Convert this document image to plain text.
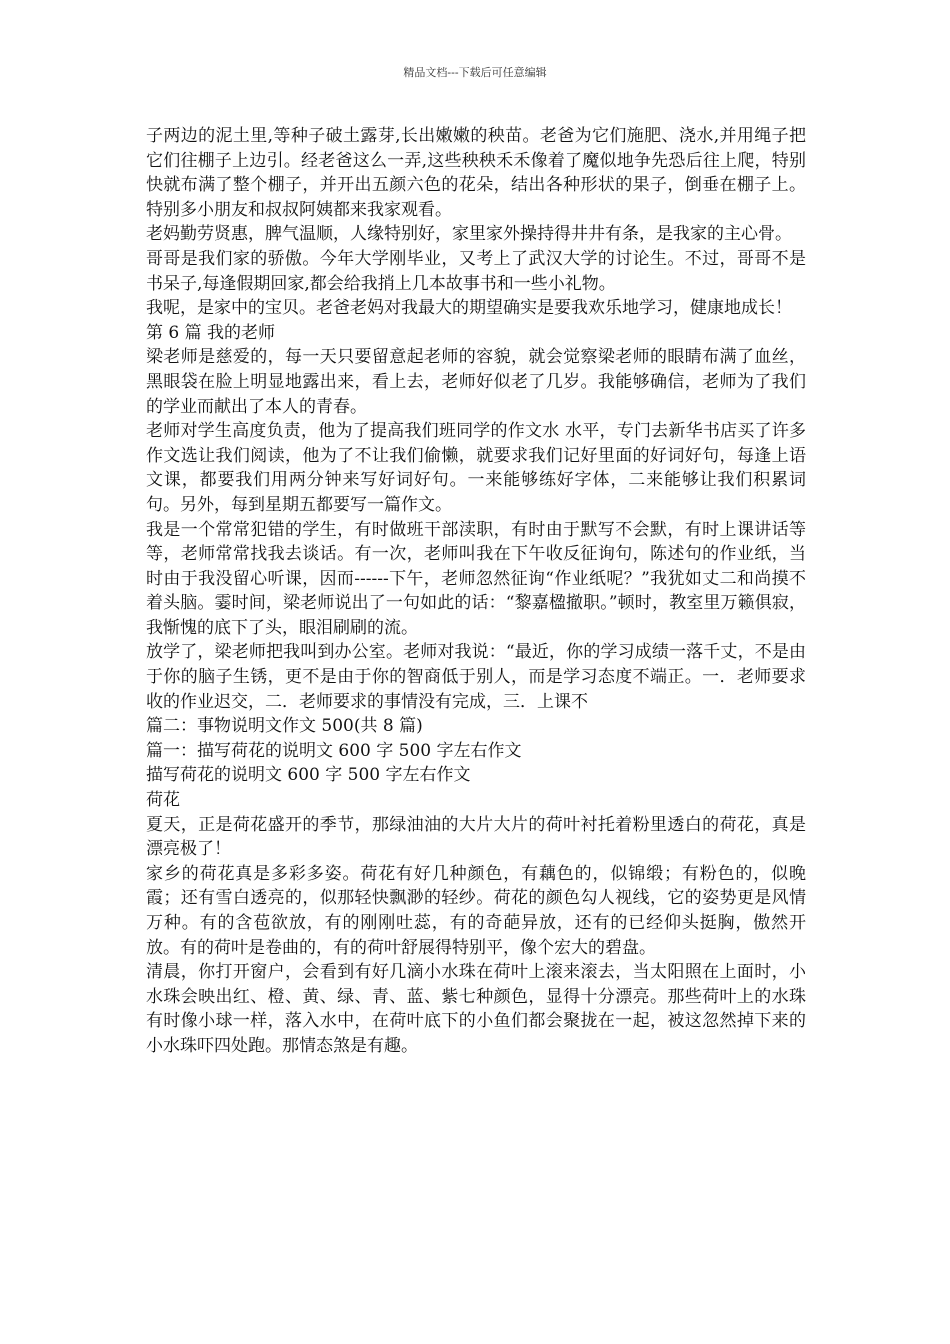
精品文档---下载后可任意编辑

子两边的泥土里,等种子破土露芽,长出嫩嫩的秧苗。老爸为它们施肥、浇水,并用绳子把它们往棚子上边引。经老爸这么一弄,这些秧秧禾禾像着了魔似地争先恐后往上爬，特别快就布满了整个棚子，并开出五颜六色的花朵，结出各种形状的果子，倒垂在棚子上。特别多小朋友和叔叔阿姨都来我家观看。

老妈勤劳贤惠，脾气温顺，人缘特别好，家里家外操持得井井有条，是我家的主心骨。

哥哥是我们家的骄傲。今年大学刚毕业，又考上了武汉大学的讨论生。不过，哥哥不是书呆子,每逢假期回家,都会给我捎上几本故事书和一些小礼物。

我呢，是家中的宝贝。老爸老妈对我最大的期望确实是要我欢乐地学习，健康地成长！

第 6 篇 我的老师

梁老师是慈爱的，每一天只要留意起老师的容貌，就会觉察梁老师的眼睛布满了血丝，黑眼袋在脸上明显地露出来，看上去，老师好似老了几岁。我能够确信，老师为了我们的学业而献出了本人的青春。

老师对学生高度负责，他为了提高我们班同学的作文水 水平，专门去新华书店买了许多作文选让我们阅读，他为了不让我们偷懒，就要求我们记好里面的好词好句，每逢上语文课，都要我们用两分钟来写好词好句。一来能够练好字体，二来能够让我们积累词句。另外，每到星期五都要写一篇作文。

我是一个常常犯错的学生，有时做班干部渎职，有时由于默写不会默，有时上课讲话等等，老师常常找我去谈话。有一次，老师叫我在下午收反征询句，陈述句的作业纸，当时由于我没留心听课，因而------下午，老师忽然征询“作业纸呢？”我犹如丈二和尚摸不着头脑。霎时间，梁老师说出了一句如此的话：“黎嘉楹撤职。”顿时，教室里万籁俱寂，我惭愧的底下了头，眼泪刷刷的流。

放学了，梁老师把我叫到办公室。老师对我说：“最近，你的学习成绩一落千丈，不是由于你的脑子生锈，更不是由于你的智商低于别人，而是学习态度不端正。一．老师要求收的作业迟交，二．老师要求的事情没有完成，三．上课不

篇二：事物说明文作文 500(共 8 篇)

篇一：描写荷花的说明文 600 字 500 字左右作文

描写荷花的说明文 600 字 500 字左右作文

荷花

夏天，正是荷花盛开的季节，那绿油油的大片大片的荷叶衬托着粉里透白的荷花，真是漂亮极了！

家乡的荷花真是多彩多姿。荷花有好几种颜色，有藕色的，似锦缎；有粉色的，似晚霞；还有雪白透亮的，似那轻快飘渺的轻纱。荷花的颜色勾人视线，它的姿势更是风情万种。有的含苞欲放，有的刚刚吐蕊，有的奇葩异放，还有的已经仰头挺胸，傲然开放。有的荷叶是卷曲的，有的荷叶舒展得特别平，像个宏大的碧盘。

清晨，你打开窗户，会看到有好几滴小水珠在荷叶上滚来滚去，当太阳照在上面时，小水珠会映出红、橙、黄、绿、青、蓝、紫七种颜色，显得十分漂亮。那些荷叶上的水珠有时像小球一样，落入水中，在荷叶底下的小鱼们都会聚拢在一起，被这忽然掉下来的小水珠吓四处跑。那情态煞是有趣。
